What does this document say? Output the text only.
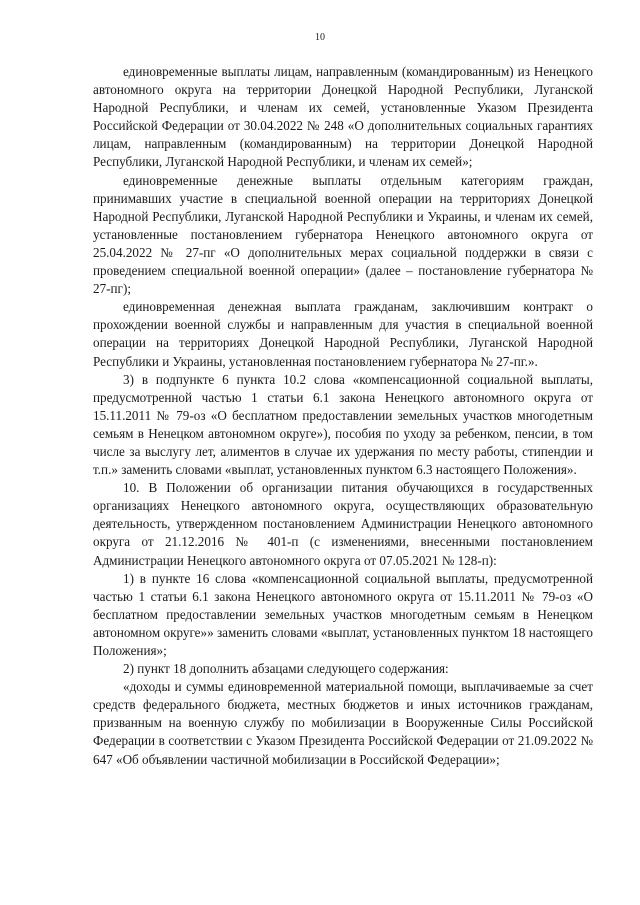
10

единовременные выплаты лицам, направленным (командированным) из Ненецкого автономного округа на территории Донецкой Народной Республики, Луганской Народной Республики, и членам их семей, установленные Указом Президента Российской Федерации от 30.04.2022 № 248 «О дополнительных социальных гарантиях лицам, направленным (командированным) на территории Донецкой Народной Республики, Луганской Народной Республики, и членам их семей»;

единовременные денежные выплаты отдельным категориям граждан, принимавших участие в специальной военной операции на территориях Донецкой Народной Республики, Луганской Народной Республики и Украины, и членам их семей, установленные постановлением губернатора Ненецкого автономного округа от 25.04.2022 № 27-пг «О дополнительных мерах социальной поддержки в связи с проведением специальной военной операции» (далее – постановление губернатора № 27-пг);

единовременная денежная выплата гражданам, заключившим контракт о прохождении военной службы и направленным для участия в специальной военной операции на территориях Донецкой Народной Республики, Луганской Народной Республики и Украины, установленная постановлением губернатора № 27-пг.».

3) в подпункте 6 пункта 10.2 слова «компенсационной социальной выплаты, предусмотренной частью 1 статьи 6.1 закона Ненецкого автономного округа от 15.11.2011 № 79-оз «О бесплатном предоставлении земельных участков многодетным семьям в Ненецком автономном округе»), пособия по уходу за ребенком, пенсии, в том числе за выслугу лет, алиментов в случае их удержания по месту работы, стипендии и т.п.» заменить словами «выплат, установленных пунктом 6.3 настоящего Положения».

10. В Положении об организации питания обучающихся в государственных организациях Ненецкого автономного округа, осуществляющих образовательную деятельность, утвержденном постановлением Администрации Ненецкого автономного округа от 21.12.2016 № 401-п (с изменениями, внесенными постановлением Администрации Ненецкого автономного округа от 07.05.2021 № 128-п):

1) в пункте 16 слова «компенсационной социальной выплаты, предусмотренной частью 1 статьи 6.1 закона Ненецкого автономного округа от 15.11.2011 № 79-оз «О бесплатном предоставлении земельных участков многодетным семьям в Ненецком автономном округе»» заменить словами «выплат, установленных пунктом 18 настоящего Положения»;

2) пункт 18 дополнить абзацами следующего содержания:

«доходы и суммы единовременной материальной помощи, выплачиваемые за счет средств федерального бюджета, местных бюджетов и иных источников гражданам, призванным на военную службу по мобилизации в Вооруженные Силы Российской Федерации в соответствии с Указом Президента Российской Федерации от 21.09.2022 № 647 «Об объявлении частичной мобилизации в Российской Федерации»;
